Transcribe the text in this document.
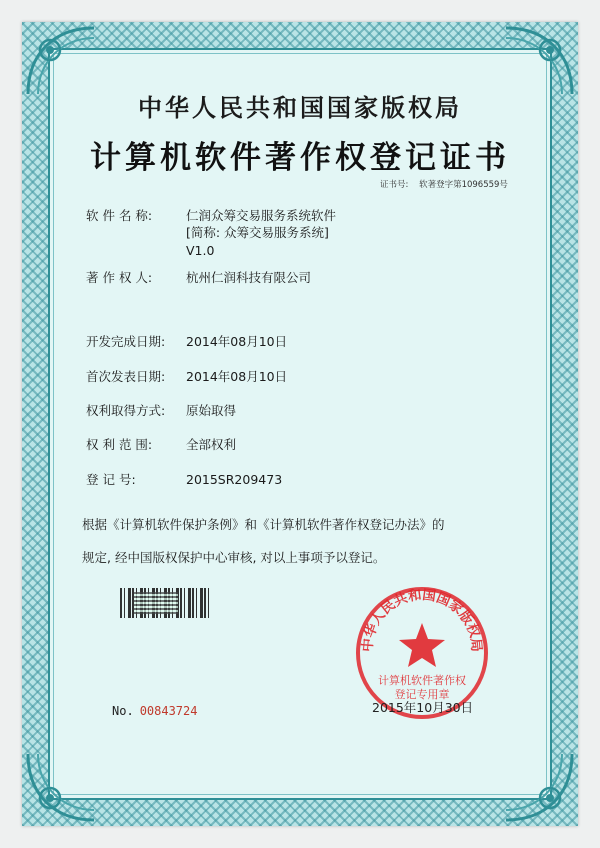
中华人民共和国国家版权局
计算机软件著作权登记证书
证书号: 软著登字第1096559号
软 件 名 称:	仁润众筹交易服务系统软件
[简称: 众筹交易服务系统]
V1.0
著 作 权 人:	杭州仁润科技有限公司
开发完成日期: 2014年08月10日
首次发表日期: 2014年08月10日
权利取得方式: 原始取得
权 利 范 围:	全部权利
登 记 号:	2015SR209473
根据《计算机软件保护条例》和《计算机软件著作权登记办法》的
规定, 经中国版权保护中心审核, 对以上事项予以登记。
中华人民共和国国家版权局
计算机软件著作权
登记专用章
2015年10月30日
No. 00843724
